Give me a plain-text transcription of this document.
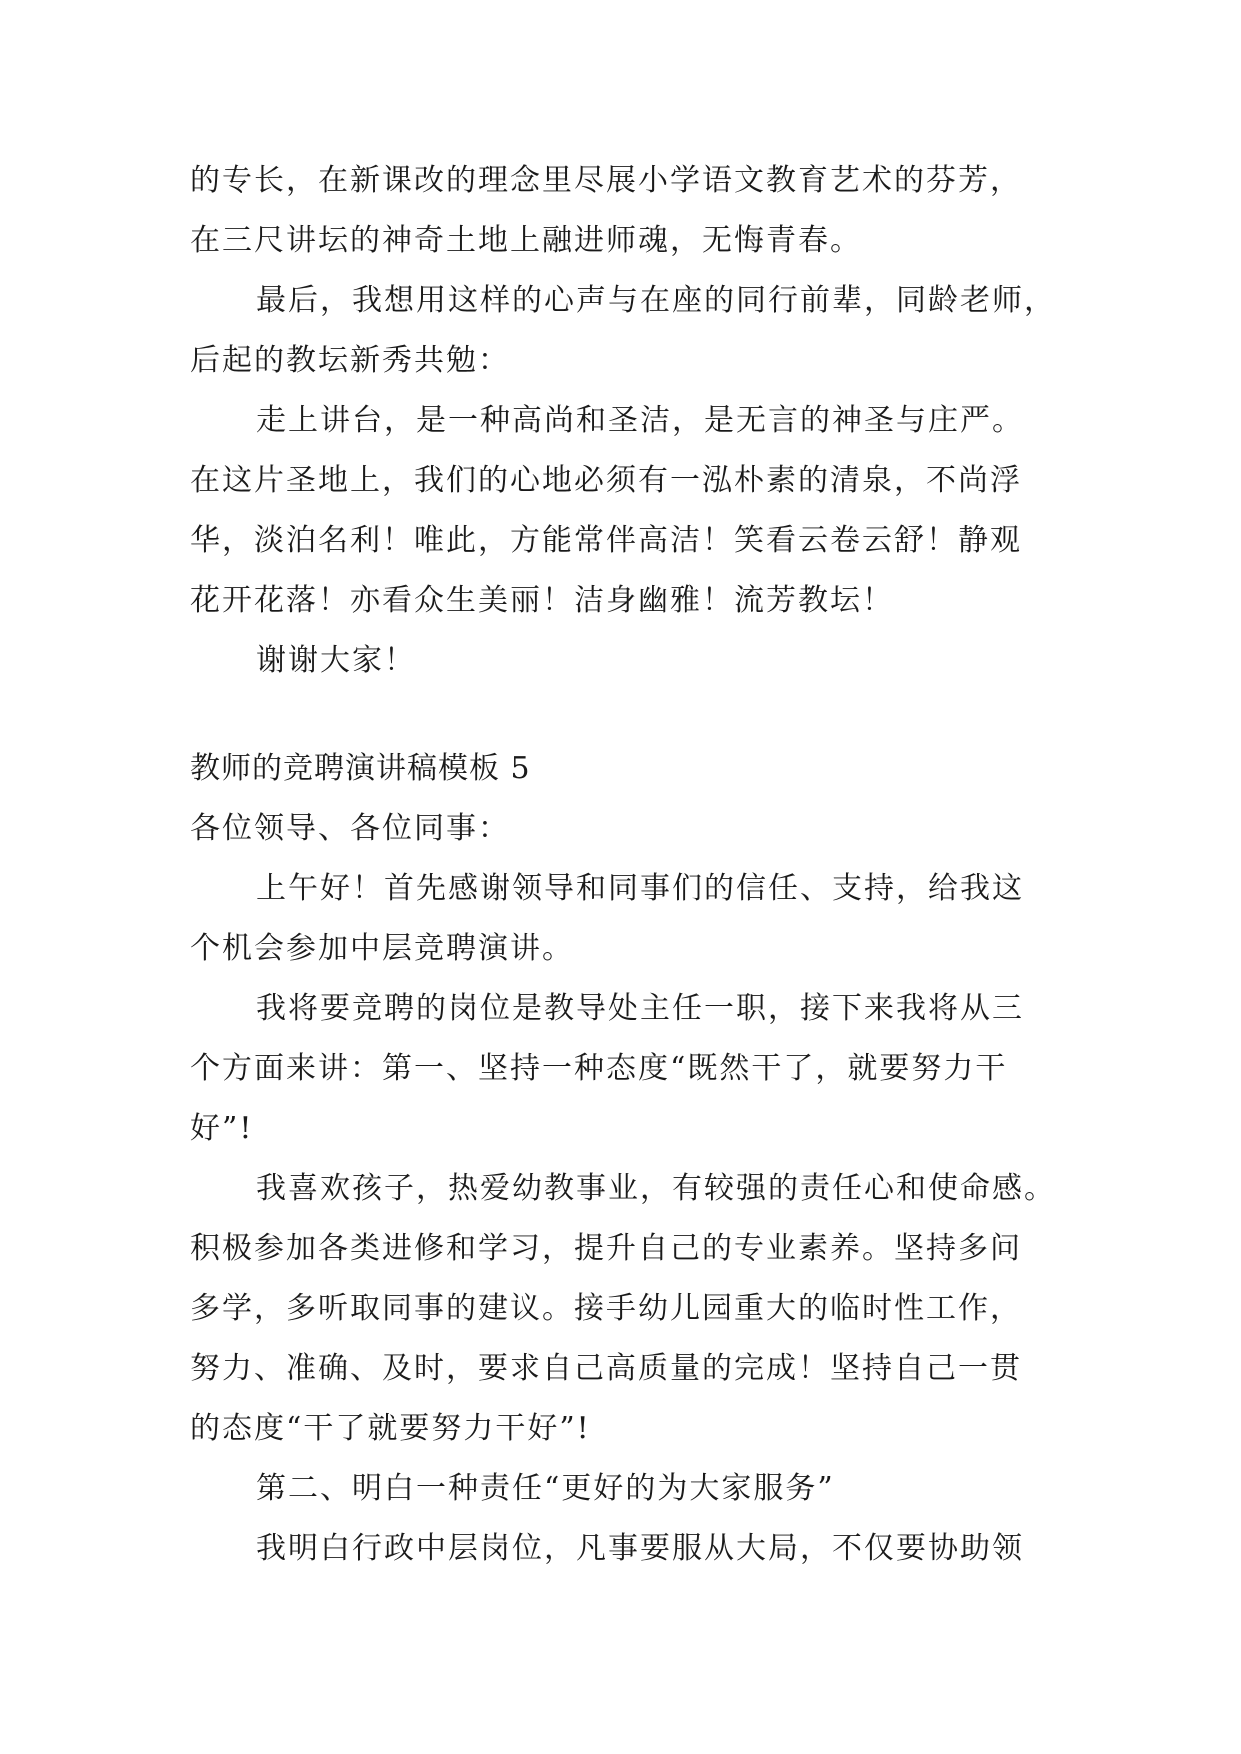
的专长，在新课改的理念里尽展小学语文教育艺术的芬芳，
在三尺讲坛的神奇土地上融进师魂，无悔青春。
最后，我想用这样的心声与在座的同行前辈，同龄老师，
后起的教坛新秀共勉：
走上讲台，是一种高尚和圣洁，是无言的神圣与庄严。
在这片圣地上，我们的心地必须有一泓朴素的清泉，不尚浮
华，淡泊名利！唯此，方能常伴高洁！笑看云卷云舒！静观
花开花落！亦看众生美丽！洁身幽雅！流芳教坛！
谢谢大家！
教师的竞聘演讲稿模板 5
各位领导、各位同事：
上午好！首先感谢领导和同事们的信任、支持，给我这
个机会参加中层竞聘演讲。
我将要竞聘的岗位是教导处主任一职，接下来我将从三
个方面来讲：第一、坚持一种态度“既然干了，就要努力干
好”!
我喜欢孩子，热爱幼教事业，有较强的责任心和使命感。
积极参加各类进修和学习，提升自己的专业素养。坚持多问
多学，多听取同事的建议。接手幼儿园重大的临时性工作，
努力、准确、及时，要求自己高质量的完成！坚持自己一贯
的态度“干了就要努力干好”!
第二、明白一种责任“更好的为大家服务”
我明白行政中层岗位，凡事要服从大局，不仅要协助领
